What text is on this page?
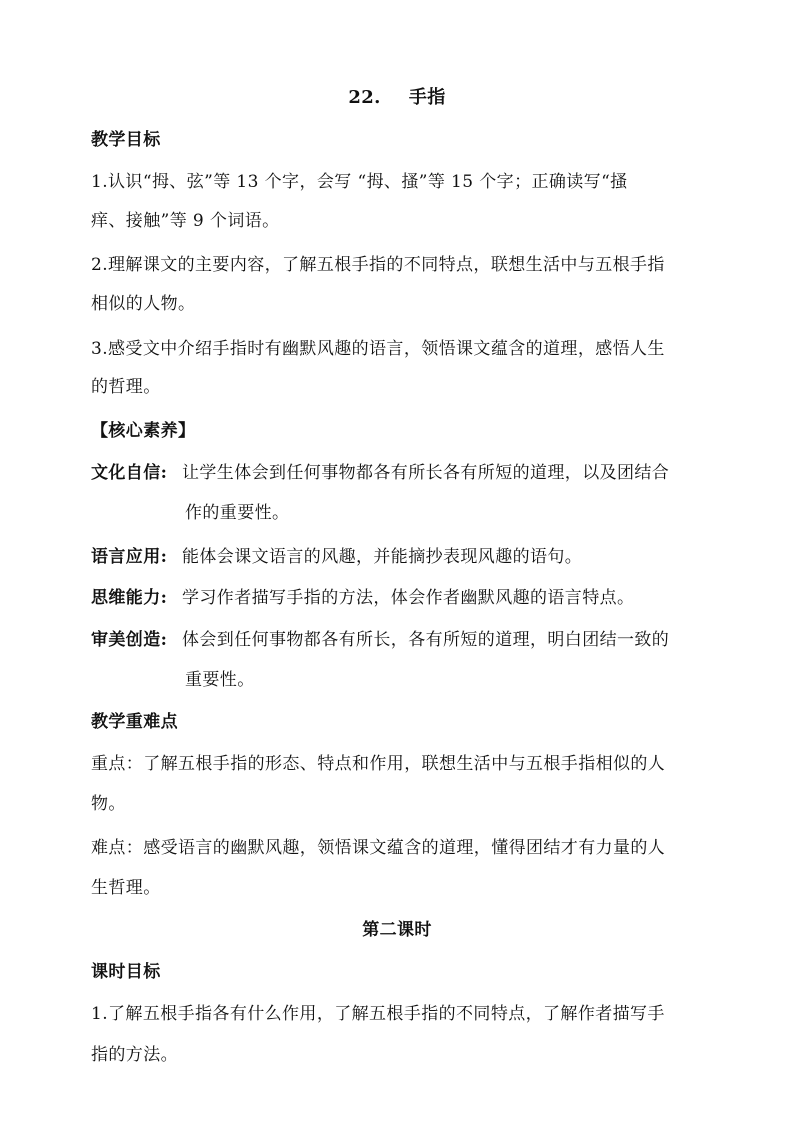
22. 手指
教学目标
1.认识“拇、弦”等 13 个字，会写 “拇、搔”等 15 个字；正确读写“搔
痒、接触”等 9 个词语。
2.理解课文的主要内容，了解五根手指的不同特点，联想生活中与五根手指
相似的人物。
3.感受文中介绍手指时有幽默风趣的语言，领悟课文蕴含的道理，感悟人生
的哲理。
【核心素养】
文化自信: 让学生体会到任何事物都各有所长各有所短的道理，以及团结合
作的重要性。
语言应用: 能体会课文语言的风趣，并能摘抄表现风趣的语句。
思维能力: 学习作者描写手指的方法，体会作者幽默风趣的语言特点。
审美创造: 体会到任何事物都各有所长，各有所短的道理，明白团结一致的
重要性。
教学重难点
重点：了解五根手指的形态、特点和作用，联想生活中与五根手指相似的人
物。
难点：感受语言的幽默风趣，领悟课文蕴含的道理，懂得团结才有力量的人
生哲理。
第二课时
课时目标
1.了解五根手指各有什么作用，了解五根手指的不同特点，了解作者描写手
指的方法。
